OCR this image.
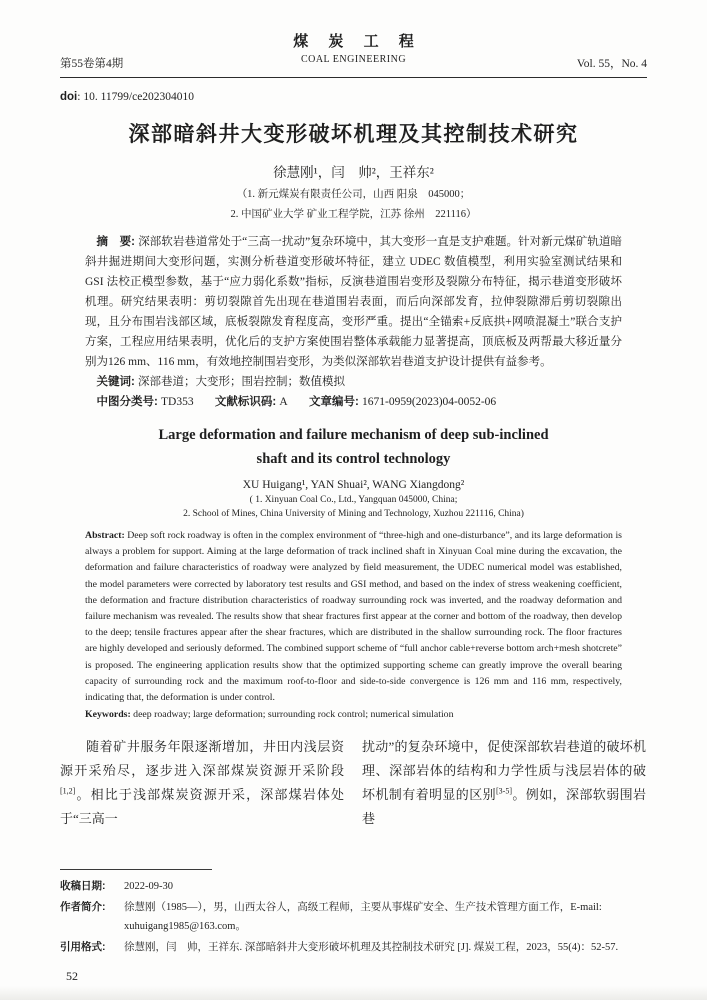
煤 炭 工 程
第55卷第4期	COAL ENGINEERING	Vol. 55，No. 4
doi: 10. 11799/ce202304010
深部暗斜井大变形破坏机理及其控制技术研究
徐慧刚¹，闫　帅²，王祥东²
（1. 新元煤炭有限责任公司，山西 阳泉　045000；
2. 中国矿业大学 矿业工程学院，江苏 徐州　221116）

摘　要: 深部软岩巷道常处于“三高一扰动”复杂环境中，其大变形一直是支护难题。针对新元煤矿轨道暗斜井掘进期间大变形问题，实测分析巷道变形破坏特征，建立 UDEC 数值模型，利用实验室测试结果和 GSI 法校正模型参数，基于“应力弱化系数”指标，反演巷道围岩变形及裂隙分布特征，揭示巷道变形破坏机理。研究结果表明：剪切裂隙首先出现在巷道围岩表面，而后向深部发育，拉伸裂隙滞后剪切裂隙出现，且分布围岩浅部区域，底板裂隙发育程度高，变形严重。提出“全锚索+反底拱+网喷混凝土”联合支护方案，工程应用结果表明，优化后的支护方案使围岩整体承载能力显著提高，顶底板及两帮最大移近量分别为126 mm、116 mm，有效地控制围岩变形，为类似深部软岩巷道支护设计提供有益参考。

关键词: 深部巷道；大变形；围岩控制；数值模拟

中图分类号: TD353 文献标识码: A 文章编号: 1671-0959(2023)04-0052-06

Large deformation and failure mechanism of deep sub-inclined
shaft and its control technology
XU Huigang¹, YAN Shuai², WANG Xiangdong²
( 1. Xinyuan Coal Co., Ltd., Yangquan 045000, China;
2. School of Mines, China University of Mining and Technology, Xuzhou 221116, China)

Abstract: Deep soft rock roadway is often in the complex environment of “three-high and one-disturbance”, and its large deformation is always a problem for support. Aiming at the large deformation of track inclined shaft in Xinyuan Coal mine during the excavation, the deformation and failure characteristics of roadway were analyzed by field measurement, the UDEC numerical model was established, the model parameters were corrected by laboratory test results and GSI method, and based on the index of stress weakening coefficient, the deformation and fracture distribution characteristics of roadway surrounding rock was inverted, and the roadway deformation and failure mechanism was revealed. The results show that shear fractures first appear at the corner and bottom of the roadway, then develop to the deep; tensile fractures appear after the shear fractures, which are distributed in the shallow surrounding rock. The floor fractures are highly developed and seriously deformed. The combined support scheme of “full anchor cable+reverse bottom arch+mesh shotcrete” is proposed. The engineering application results show that the optimized supporting scheme can greatly improve the overall bearing capacity of surrounding rock and the maximum roof-to-floor and side-to-side convergence is 126 mm and 116 mm, respectively, indicating that, the deformation is under control.

Keywords: deep roadway; large deformation; surrounding rock control; numerical simulation

随着矿井服务年限逐渐增加，井田内浅层资源开采殆尽，逐步进入深部煤炭资源开采阶段[1,2]。相比于浅部煤炭资源开采，深部煤岩体处于“三高一

扰动”的复杂环境中，促使深部软岩巷道的破坏机理、深部岩体的结构和力学性质与浅层岩体的破坏机制有着明显的区别[3-5]。例如，深部软弱围岩巷

收稿日期:	2022-09-30
作者简介:	徐慧刚（1985—），男，山西太谷人，高级工程师，主要从事煤矿安全、生产技术管理方面工作，E-mail: xuhuigang1985@163.com。
引用格式:	徐慧刚，闫　帅，王祥东. 深部暗斜井大变形破坏机理及其控制技术研究 [J]. 煤炭工程，2023，55(4)：52-57.
52
